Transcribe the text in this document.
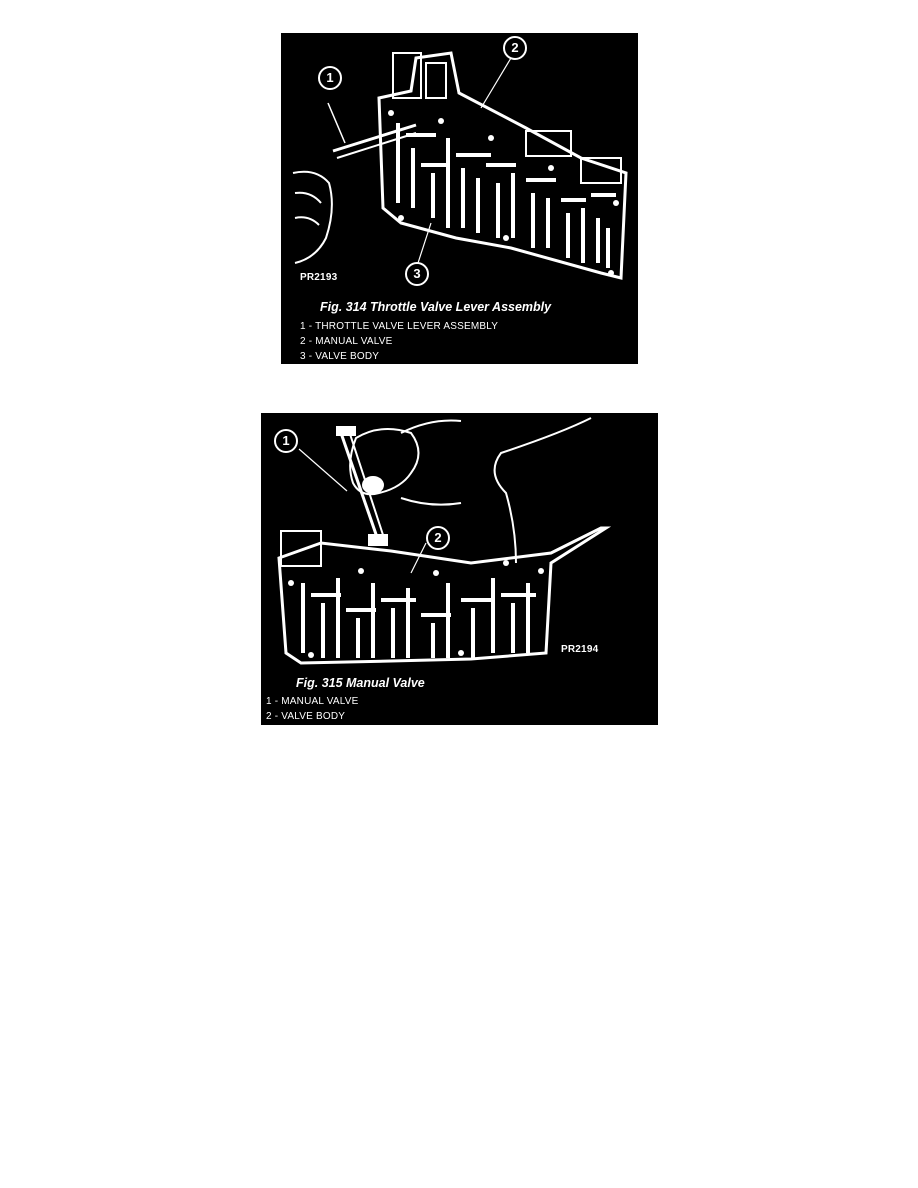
1
2
3
PR2193
Fig. 314 Throttle Valve Lever Assembly
1 - THROTTLE VALVE LEVER ASSEMBLY
2 - MANUAL VALVE
3 - VALVE BODY
1
2
PR2194
Fig. 315 Manual Valve
1 - MANUAL VALVE
2 - VALVE BODY
